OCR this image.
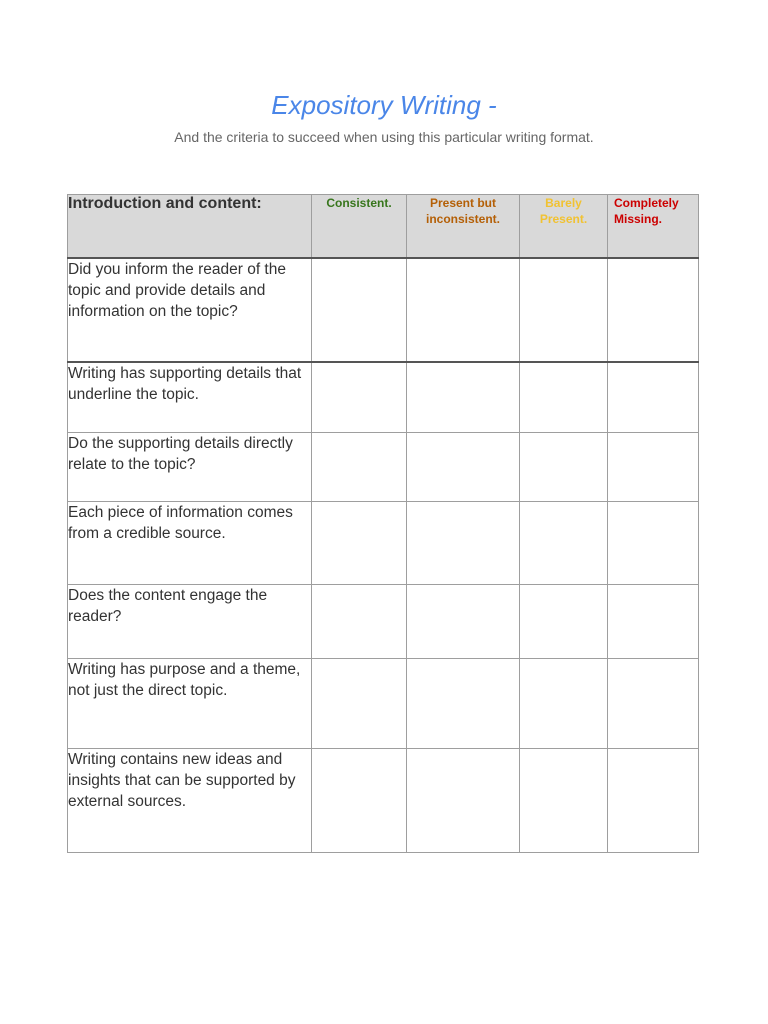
Expository Writing -
And the criteria to succeed when using this particular writing format.
Introduction and content:	Consistent.	Present but inconsistent.	Barely Present.	Completely Missing.
Did you inform the reader of the topic and provide details and information on the topic?				
Writing has supporting details that underline the topic.				
Do the supporting details directly relate to the topic?				
Each piece of information comes from a credible source.				
Does the content engage the reader?				
Writing has purpose and a theme, not just the direct topic.				
Writing contains new ideas and insights that can be supported by external sources.				
